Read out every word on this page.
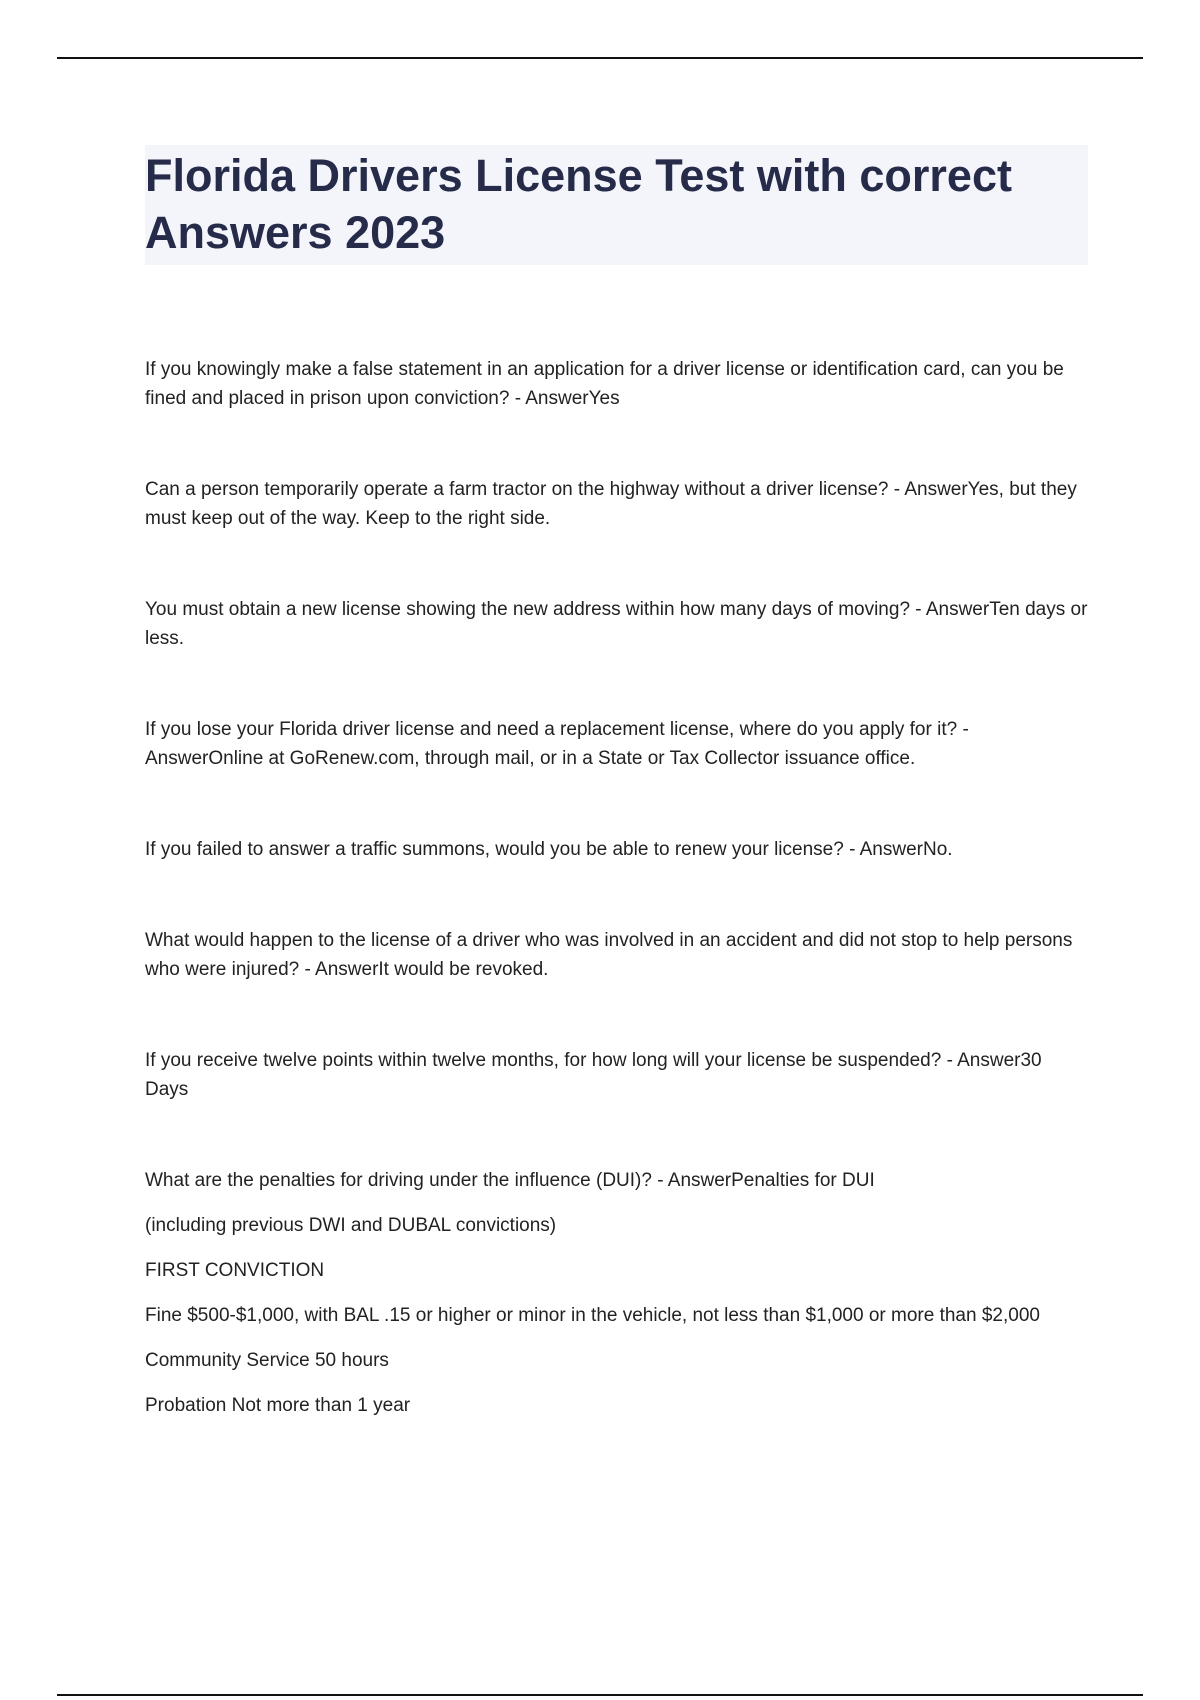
Florida Drivers License Test with correct Answers 2023

If you knowingly make a false statement in an application for a driver license or identification card, can you be fined and placed in prison upon conviction? - AnswerYes

Can a person temporarily operate a farm tractor on the highway without a driver license? - AnswerYes, but they must keep out of the way. Keep to the right side.

You must obtain a new license showing the new address within how many days of moving? - AnswerTen days or less.

If you lose your Florida driver license and need a replacement license, where do you apply for it? - AnswerOnline at GoRenew.com, through mail, or in a State or Tax Collector issuance office.

If you failed to answer a traffic summons, would you be able to renew your license? - AnswerNo.

What would happen to the license of a driver who was involved in an accident and did not stop to help persons who were injured? - AnswerIt would be revoked.

If you receive twelve points within twelve months, for how long will your license be suspended? - Answer30 Days

What are the penalties for driving under the influence (DUI)? - AnswerPenalties for DUI

(including previous DWI and DUBAL convictions)

FIRST CONVICTION

Fine $500-$1,000, with BAL .15 or higher or minor in the vehicle, not less than $1,000 or more than $2,000

Community Service 50 hours

Probation Not more than 1 year
